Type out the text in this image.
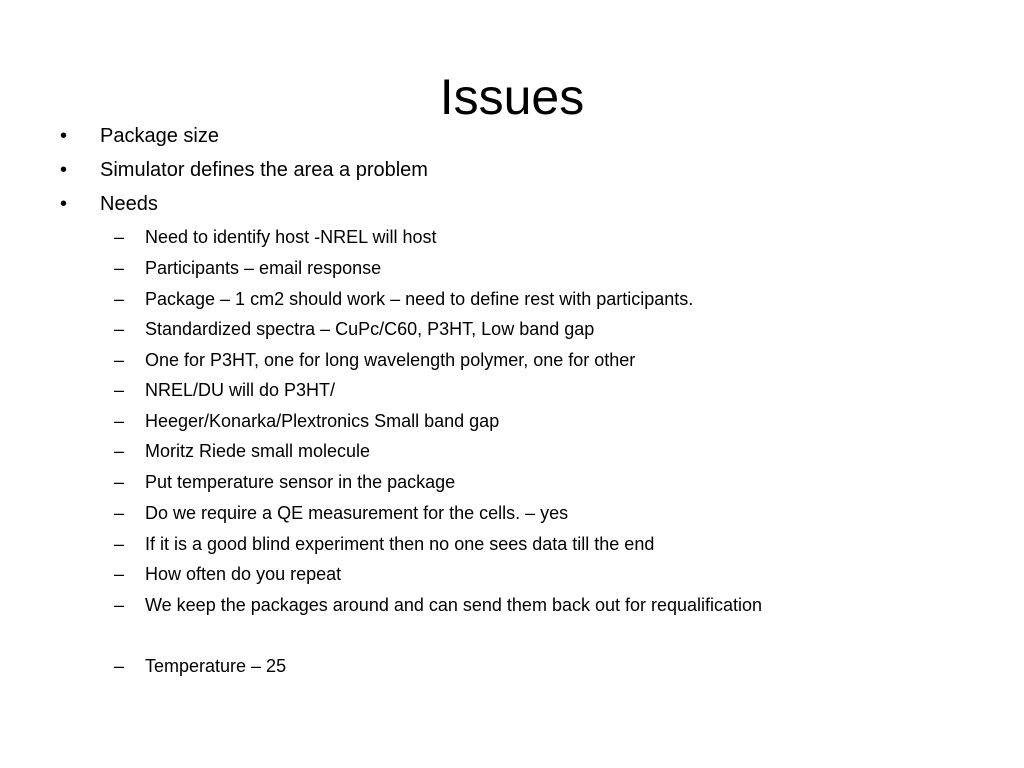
Issues
• Package size
• Simulator defines the area a problem
• Needs
– Need to identify host -NREL will host
– Participants – email response
– Package – 1 cm2 should work – need to define rest with participants.
– Standardized spectra – CuPc/C60, P3HT, Low band gap
– One for P3HT, one for long wavelength polymer, one for other
– NREL/DU will do P3HT/
– Heeger/Konarka/Plextronics Small band gap
– Moritz Riede small molecule
– Put temperature sensor in the package
– Do we require a QE measurement for the cells. – yes
– If it is a good blind experiment then no one sees data till the end
– How often do you repeat
– We keep the packages around and can send them back out for requalification
– Temperature – 25
